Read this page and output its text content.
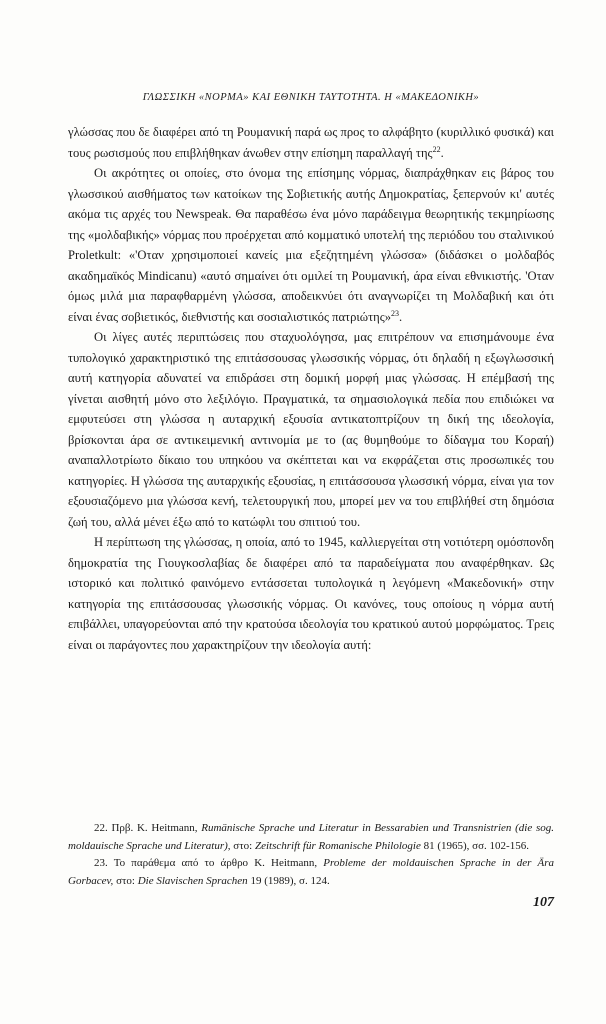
ΓΛΩΣΣΙΚΗ «ΝΟΡΜΑ» ΚΑΙ ΕΘΝΙΚΗ ΤΑΥΤΟΤΗΤΑ. Η «ΜΑΚΕΔΟΝΙΚΗ»

γλώσσας που δε διαφέρει από τη Ρουμανική παρά ως προς το αλφάβητο (κυριλλικό φυσικά) και τους ρωσισμούς που επιβλήθηκαν άνωθεν στην επίσημη παραλλαγή της$^{22}$.

Οι ακρότητες οι οποίες, στο όνομα της επίσημης νόρμας, διαπράχθηκαν εις βάρος του γλωσσικού αισθήματος των κατοίκων της Σοβιετικής αυτής Δημοκρατίας, ξεπερνούν κι' αυτές ακόμα τις αρχές του Newspeak. Θα παραθέσω ένα μόνο παράδειγμα θεωρητικής τεκμηρίωσης της «μολδαβικής» νόρμας που προέρχεται από κομματικό υποτελή της περιόδου του σταλινικού Proletkult: «'Οταν χρησιμοποιεί κανείς μια εξεζητημένη γλώσσα» (διδάσκει ο μολδαβός ακαδημαϊκός Mindicanu) «αυτό σημαίνει ότι ομιλεί τη Ρουμανική, άρα είναι εθνικιστής. 'Οταν όμως μιλά μια παραφθαρμένη γλώσσα, αποδεικνύει ότι αναγνωρίζει τη Μολδαβική και ότι είναι ένας σοβιετικός, διεθνιστής και σοσιαλιστικός πατριώτης»$^{23}$.

Οι λίγες αυτές περιπτώσεις που σταχυολόγησα, μας επιτρέπουν να επισημάνουμε ένα τυπολογικό χαρακτηριστικό της επιτάσσουσας γλωσσικής νόρμας, ότι δηλαδή η εξωγλωσσική αυτή κατηγορία αδυνατεί να επιδράσει στη δομική μορφή μιας γλώσσας. Η επέμβασή της γίνεται αισθητή μόνο στο λεξιλόγιο. Πραγματικά, τα σημασιολογικά πεδία που επιδιώκει να εμφυτεύσει στη γλώσσα η αυταρχική εξουσία αντικατοπτρίζουν τη δική της ιδεολογία, βρίσκονται άρα σε αντικειμενική αντινομία με το (ας θυμηθούμε το δίδαγμα του Κοραή) αναπαλλοτρίωτο δίκαιο του υπηκόου να σκέπτεται και να εκφράζεται στις προσωπικές του κατηγορίες. Η γλώσσα της αυταρχικής εξουσίας, η επιτάσσουσα γλωσσική νόρμα, είναι για τον εξουσιαζόμενο μια γλώσσα κενή, τελετουργική που, μπορεί μεν να του επιβλήθεί στη δημόσια ζωή του, αλλά μένει έξω από το κατώφλι του σπιτιού του.

Η περίπτωση της γλώσσας, η οποία, από το 1945, καλλιεργείται στη νοτιότερη ομόσπονδη δημοκρατία της Γιουγκοσλαβίας δε διαφέρει από τα παραδείγματα που αναφέρθηκαν. Ως ιστορικό και πολιτικό φαινόμενο εντάσσεται τυπολογικά η λεγόμενη «Μακεδονική» στην κατηγορία της επιτάσσουσας γλωσσικής νόρμας. Οι κανόνες, τους οποίους η νόρμα αυτή επιβάλλει, υπαγορεύονται από την κρατούσα ιδεολογία του κρατικού αυτού μορφώματος. Τρεις είναι οι παράγοντες που χαρακτηρίζουν την ιδεολογία αυτή:

22. Πρβ. K. Heitmann, Rumänische Sprache und Literatur in Bessarabien und Transnistrien (die sog. moldauische Sprache und Literatur), στο: Zeitschrift für Romanische Philologie 81 (1965), σσ. 102-156.

23. Το παράθεμα από το άρθρο K. Heitmann, Probleme der moldauischen Sprache in der Ära Gorbacev, στο: Die Slavischen Sprachen 19 (1989), σ. 124.

107
